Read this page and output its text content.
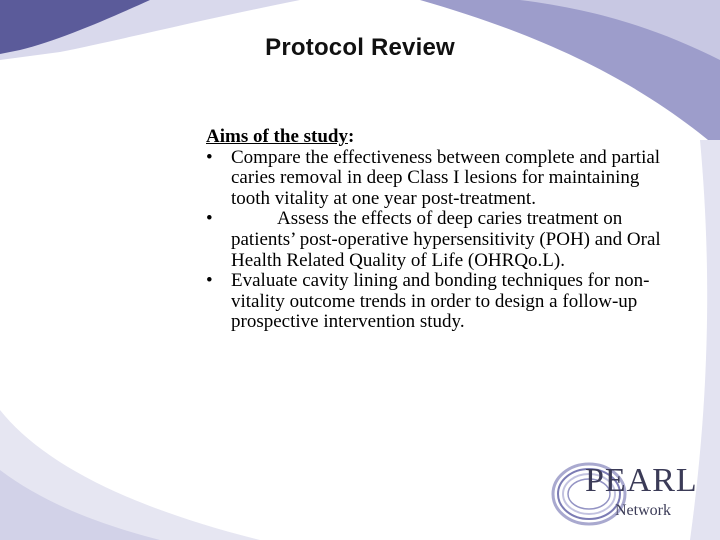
Protocol Review
Aims of the study:
• Compare the effectiveness between complete and partial caries removal in deep Class I lesions for maintaining tooth vitality at one year post-treatment.
•	Assess the effects of deep caries treatment on patients’ post-operative hypersensitivity (POH) and Oral Health Related Quality of Life (OHRQo.L).
• Evaluate cavity lining and bonding techniques for non-vitality outcome trends in order to design a follow-up prospective intervention study.
PEARL
Network
